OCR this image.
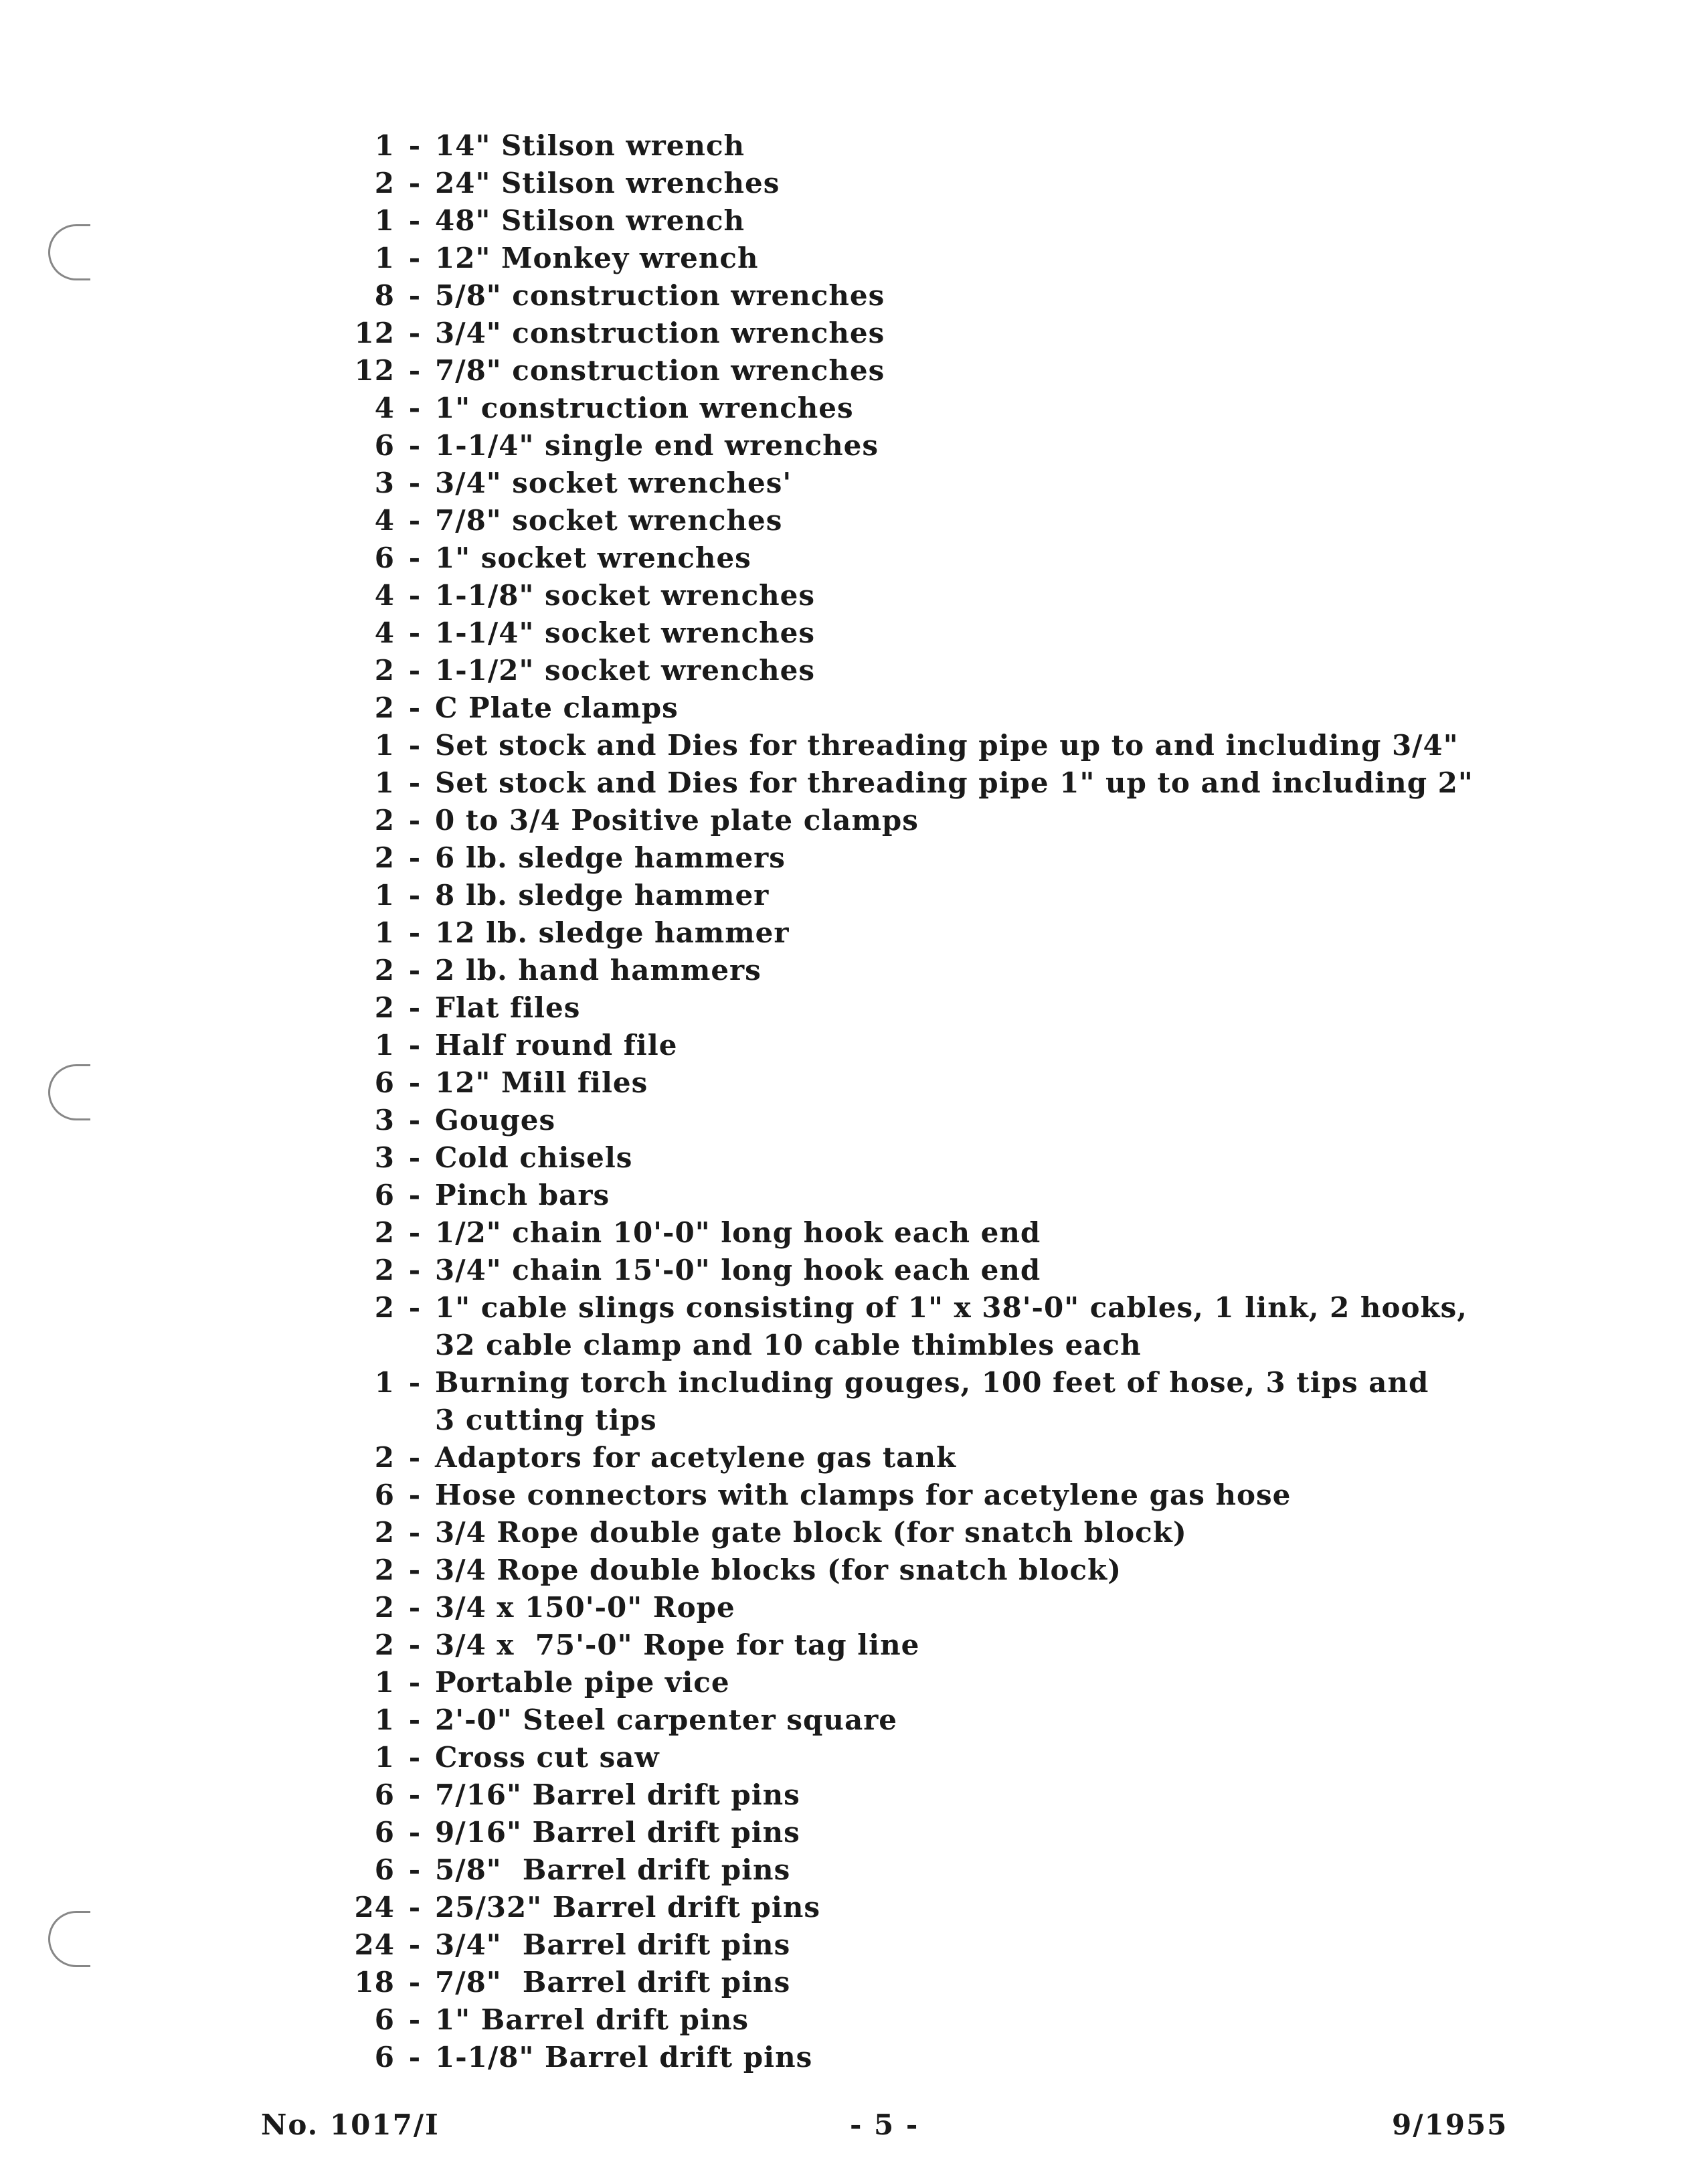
1 - 14" Stilson wrench
2 - 24" Stilson wrenches
1 - 48" Stilson wrench
1 - 12" Monkey wrench
8 - 5/8" construction wrenches
12 - 3/4" construction wrenches
12 - 7/8" construction wrenches
4 - 1" construction wrenches
6 - 1-1/4" single end wrenches
3 - 3/4" socket wrenches'
4 - 7/8" socket wrenches
6 - 1" socket wrenches
4 - 1-1/8" socket wrenches
4 - 1-1/4" socket wrenches
2 - 1-1/2" socket wrenches
2 - C Plate clamps
1 - Set stock and Dies for threading pipe up to and including 3/4"
1 - Set stock and Dies for threading pipe 1" up to and including 2"
2 - 0 to 3/4 Positive plate clamps
2 - 6 lb. sledge hammers
1 - 8 lb. sledge hammer
1 - 12 lb. sledge hammer
2 - 2 lb. hand hammers
2 - Flat files
1 - Half round file
6 - 12" Mill files
3 - Gouges
3 - Cold chisels
6 - Pinch bars
2 - 1/2" chain 10'-0" long hook each end
2 - 3/4" chain 15'-0" long hook each end
2 - 1" cable slings consisting of 1" x 38'-0" cables, 1 link, 2 hooks,
32 cable clamp and 10 cable thimbles each
1 - Burning torch including gouges, 100 feet of hose, 3 tips and
3 cutting tips
2 - Adaptors for acetylene gas tank
6 - Hose connectors with clamps for acetylene gas hose
2 - 3/4 Rope double gate block (for snatch block)
2 - 3/4 Rope double blocks (for snatch block)
2 - 3/4 x 150'-0" Rope
2 - 3/4 x  75'-0" Rope for tag line
1 - Portable pipe vice
1 - 2'-0" Steel carpenter square
1 - Cross cut saw
6 - 7/16" Barrel drift pins
6 - 9/16" Barrel drift pins
6 - 5/8"  Barrel drift pins
24 - 25/32" Barrel drift pins
24 - 3/4"  Barrel drift pins
18 - 7/8"  Barrel drift pins
6 - 1" Barrel drift pins
6 - 1-1/8" Barrel drift pins
No. 1017/I	- 5 -	9/1955
